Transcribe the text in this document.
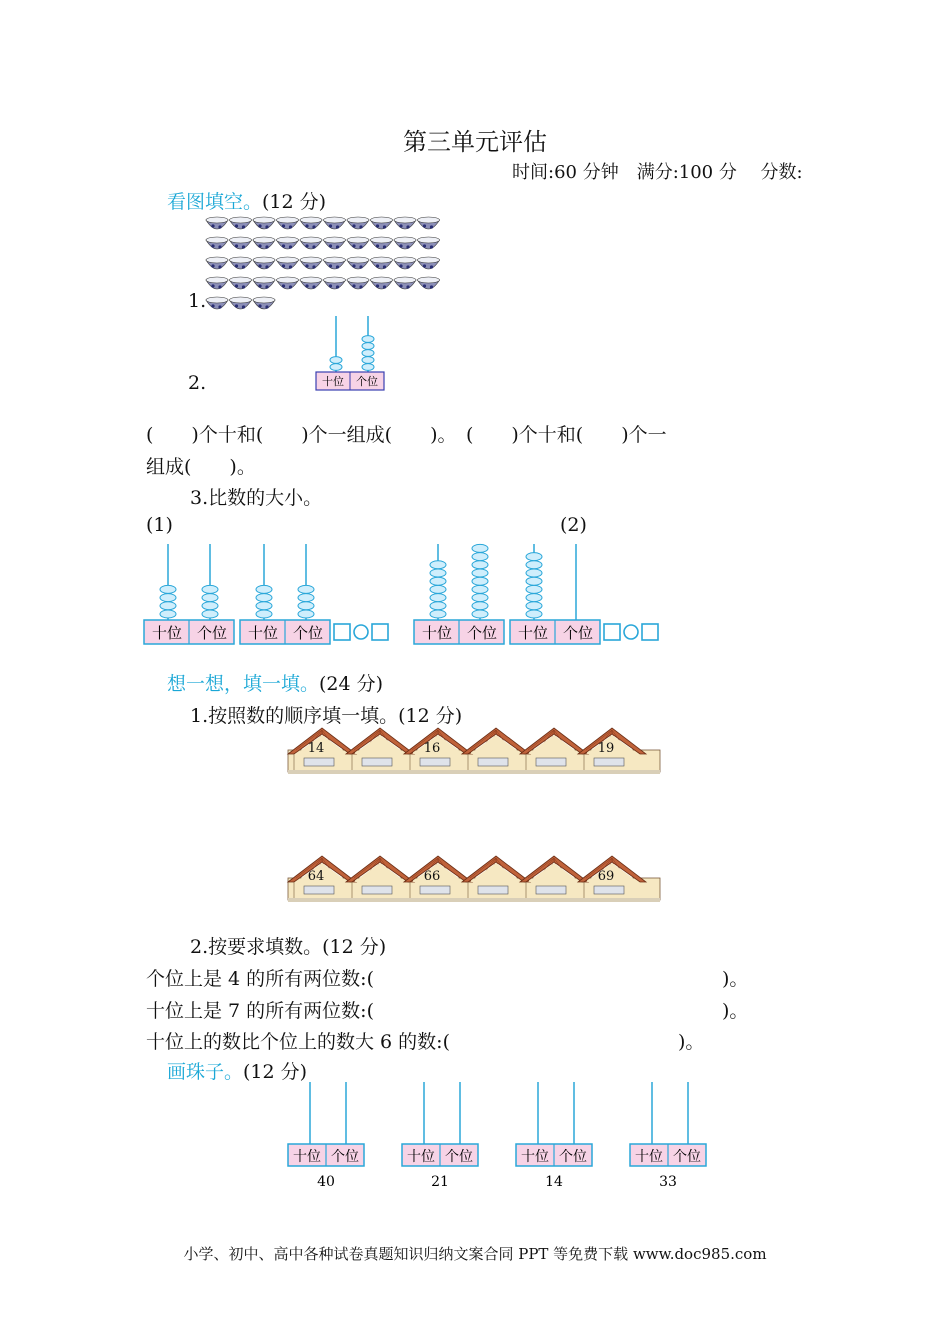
第三单元评估
时间:60 分钟　满分:100 分　 分数:
看图填空。(12 分)
1.
2.	十位 个位
(　　)个十和(　　)个一组成(　　)。　(　　)个十和(　　)个一
组成(　　)。
3.比数的大小。
(1)	(2)
十位 个位 十位 个位	十位 个位 十位 个位
想一想，填一填。(24 分)
1.按照数的顺序填一填。(12 分)
14	16	19
64	66	69
2.按要求填数。(12 分)
个位上是 4 的所有两位数:(	)。
十位上是 7 的所有两位数:(	)。
十位上的数比个位上的数大 6 的数:(	)。
画珠子。(12 分)
十位 个位
40
十位 个位
21
十位 个位
14
十位 个位
33
小学、初中、高中各种试卷真题知识归纳文案合同 PPT 等免费下载 www.doc985.com
